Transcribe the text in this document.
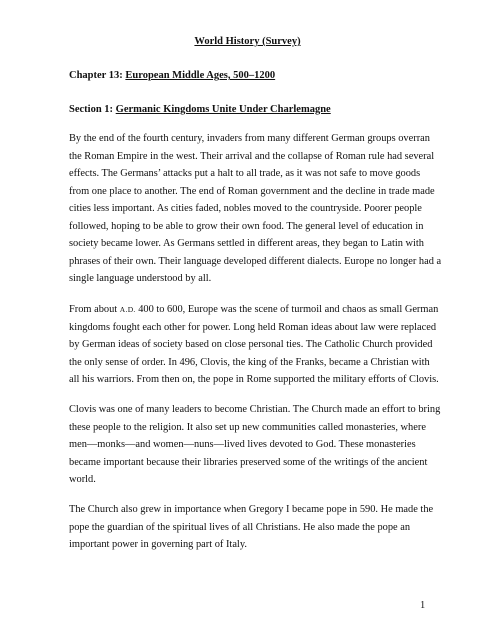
World History (Survey)
Chapter 13: European Middle Ages, 500–1200
Section 1: Germanic Kingdoms Unite Under Charlemagne
By the end of the fourth century, invaders from many different German groups overran
the Roman Empire in the west. Their arrival and the collapse of Roman rule had several
effects. The Germans’ attacks put a halt to all trade, as it was not safe to move goods
from one place to another. The end of Roman government and the decline in trade made
cities less important. As cities faded, nobles moved to the countryside. Poorer people
followed, hoping to be able to grow their own food. The general level of education in
society became lower. As Germans settled in different areas, they began to Latin with
phrases of their own. Their language developed different dialects. Europe no longer had a
single language understood by all.
From about A.D. 400 to 600, Europe was the scene of turmoil and chaos as small German
kingdoms fought each other for power. Long held Roman ideas about law were replaced
by German ideas of society based on close personal ties. The Catholic Church provided
the only sense of order. In 496, Clovis, the king of the Franks, became a Christian with
all his warriors. From then on, the pope in Rome supported the military efforts of Clovis.
Clovis was one of many leaders to become Christian. The Church made an effort to bring
these people to the religion. It also set up new communities called monasteries, where
men—monks—and women—nuns—lived lives devoted to God. These monasteries
became important because their libraries preserved some of the writings of the ancient
world.
The Church also grew in importance when Gregory I became pope in 590. He made the
pope the guardian of the spiritual lives of all Christians. He also made the pope an
important power in governing part of Italy.
1
